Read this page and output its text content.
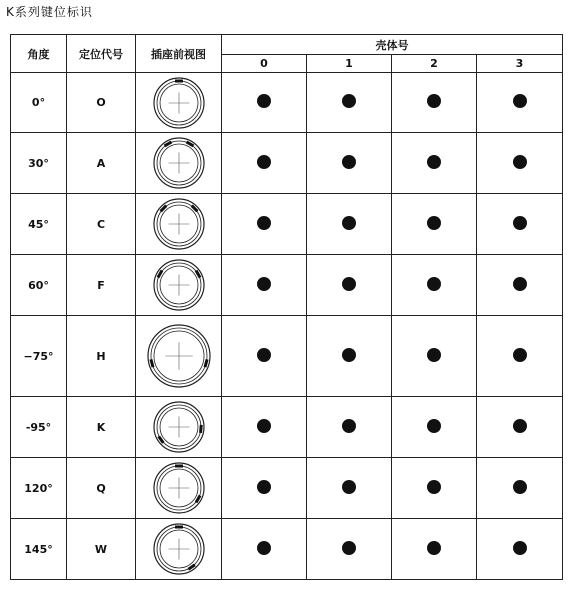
K系列键位标识
角度	定位代号	插座前视图	壳体号			
			0	1	2	3
0°	O	

30°	A	

45°	C	

60°	F	

−75°	H	

-95°	K	

120°	Q	

145°	W	
